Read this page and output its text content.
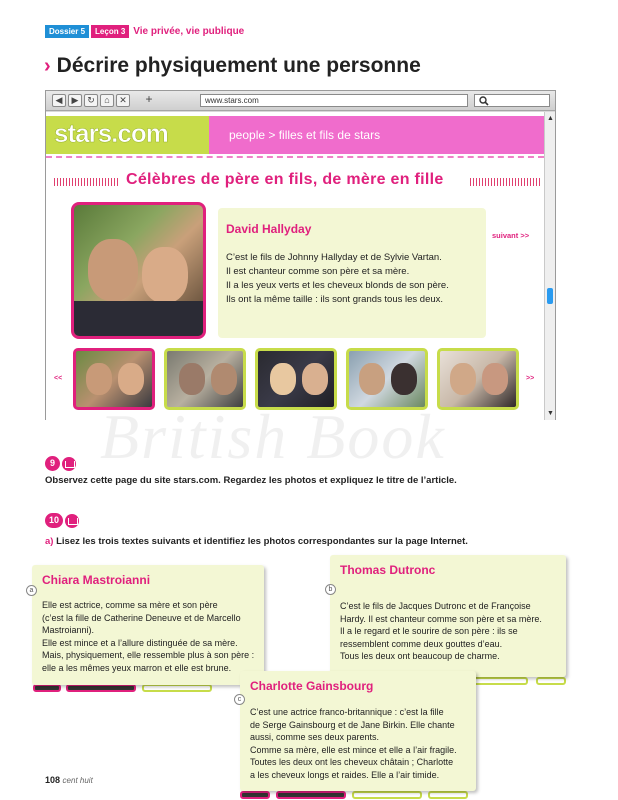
Dossier 5	Leçon 3 Vie privée, vie publique
› Décrire physiquement une personne
◀	▶ ↻	⌂	✕ +	www.stars.com
stars.com	people > filles et fils de stars
Célèbres de père en fils, de mère en fille
David Hallyday
C’est le fils de Johnny Hallyday et de Sylvie Vartan.
Il est chanteur comme son père et sa mère.
Il a les yeux verts et les cheveux blonds de son père.
Ils ont la même taille : ils sont grands tous les deux.
suivant >>
<<	>>
▲
▼
British Book
9
Observez cette page du site stars.com. Regardez les photos et expliquez le titre de l’article.
10
a) Lisez les trois textes suivants et identifiez les photos correspondantes sur la page Internet.
Chiara Mastroianni
Elle est actrice, comme sa mère et son père
(c’est la fille de Catherine Deneuve et de Marcello
Mastroianni).
Elle est mince et a l’allure distinguée de sa mère.
Mais, physiquement, elle ressemble plus à son père :
elle a les mêmes yeux marron et elle est brune.
a
Thomas Dutronc
C’est le fils de Jacques Dutronc et de Françoise
Hardy. Il est chanteur comme son père et sa mère.
Il a le regard et le sourire de son père : ils se
ressemblent comme deux gouttes d’eau.
Tous les deux ont beaucoup de charme.
b
Charlotte Gainsbourg
C’est une actrice franco-britannique : c’est la fille
de Serge Gainsbourg et de Jane Birkin. Elle chante
aussi, comme ses deux parents.
Comme sa mère, elle est mince et elle a l’air fragile.
Toutes les deux ont les cheveux châtain ; Charlotte
a les cheveux longs et raides. Elle a l’air timide.
c
108 cent huit
